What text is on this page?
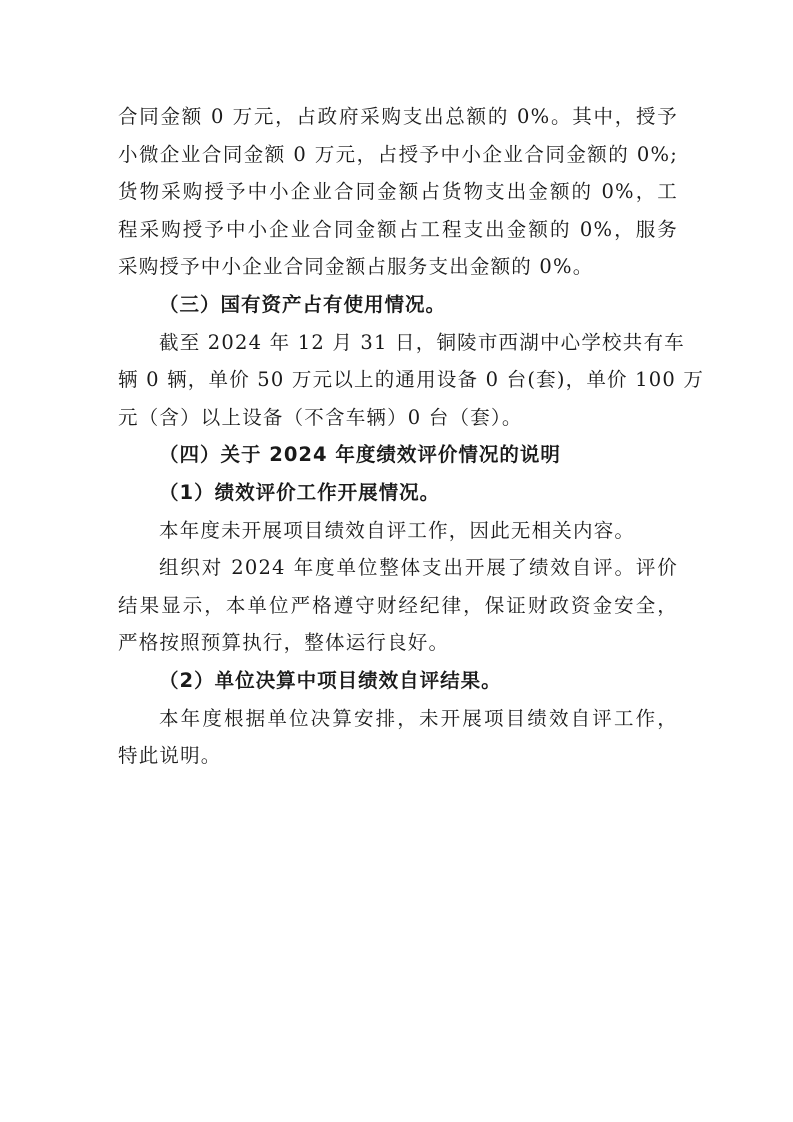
合同金额 0 万元，占政府采购支出总额的 0%。其中，授予
小微企业合同金额 0 万元，占授予中小企业合同金额的 0%;
货物采购授予中小企业合同金额占货物支出金额的 0%，工
程采购授予中小企业合同金额占工程支出金额的 0%，服务
采购授予中小企业合同金额占服务支出金额的 0%。
（三）国有资产占有使用情况。
截至 2024 年 12 月 31 日，铜陵市西湖中心学校共有车
辆 0 辆，单价 50 万元以上的通用设备 0 台(套)，单价 100 万
元（含）以上设备（不含车辆）0 台（套）。
（四）关于 2024 年度绩效评价情况的说明
（1）绩效评价工作开展情况。
本年度未开展项目绩效自评工作，因此无相关内容。
组织对 2024 年度单位整体支出开展了绩效自评。评价
结果显示，本单位严格遵守财经纪律，保证财政资金安全，
严格按照预算执行，整体运行良好。
（2）单位决算中项目绩效自评结果。
本年度根据单位决算安排，未开展项目绩效自评工作，
特此说明。
